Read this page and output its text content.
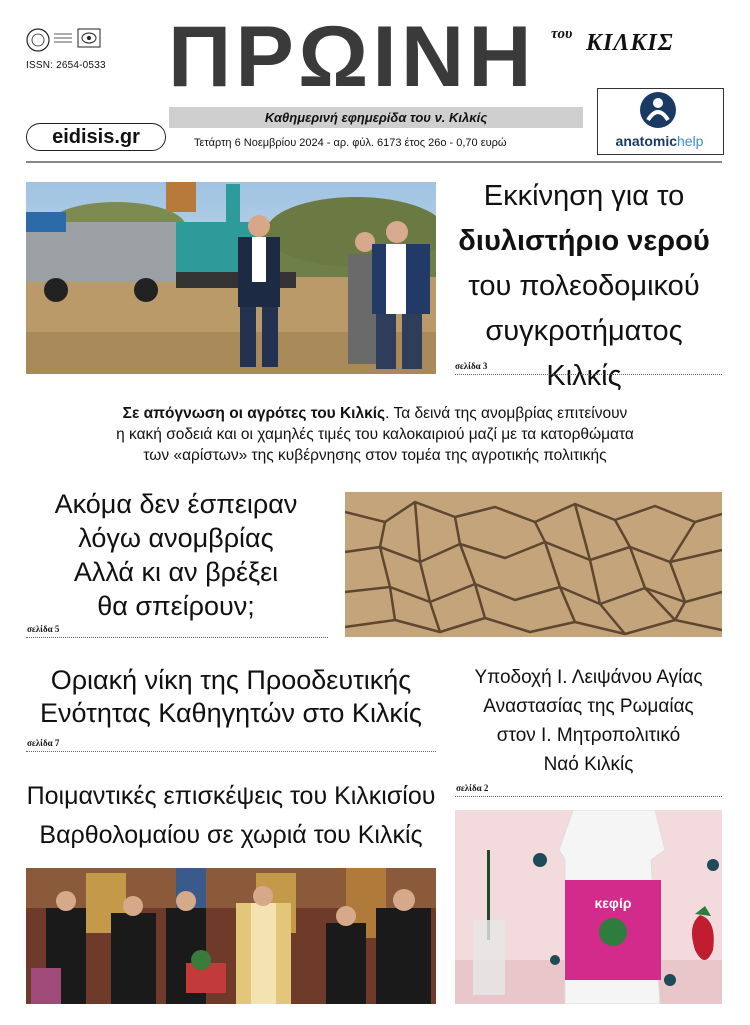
ISSN: 2654-0533 ΠΡΩΙΝΗ	του ΚΙΛΚΙΣ
Καθημερινή εφημερίδα του ν. Κιλκίς
eidisis.gr	Τετάρτη 6 Νοεμβρίου 2024 - αρ. φύλ. 6173 έτος 26ο - 0,70 ευρώ	anatomichelp
Εκκίνηση για το
διυλιστήριο νερού
του πολεοδομικού
συγκροτήματος Κιλκίς
σελίδα 3
Σε απόγνωση οι αγρότες του Κιλκίς. Τα δεινά της ανομβρίας επιτείνουν
η κακή σοδειά και οι χαμηλές τιμές του καλοκαιριού μαζί με τα κατορθώματα
των «αρίστων» της κυβέρνησης στον τομέα της αγροτικής πολιτικής
Ακόμα δεν έσπειραν
λόγω ανομβρίας
Αλλά κι αν βρέξει
θα σπείρουν;
σελίδα 5
Οριακή νίκη της Προοδευτικής
Ενότητας Καθηγητών στο Κιλκίς
σελίδα 7
Υποδοχή Ι. Λειψάνου Αγίας
Αναστασίας της Ρωμαίας
στον Ι. Μητροπολιτικό
Ναό Κιλκίς
σελίδα 2
Ποιμαντικές επισκέψεις του Κιλκισίου
Βαρθολομαίου σε χωριά του Κιλκίς
κεφίρ
